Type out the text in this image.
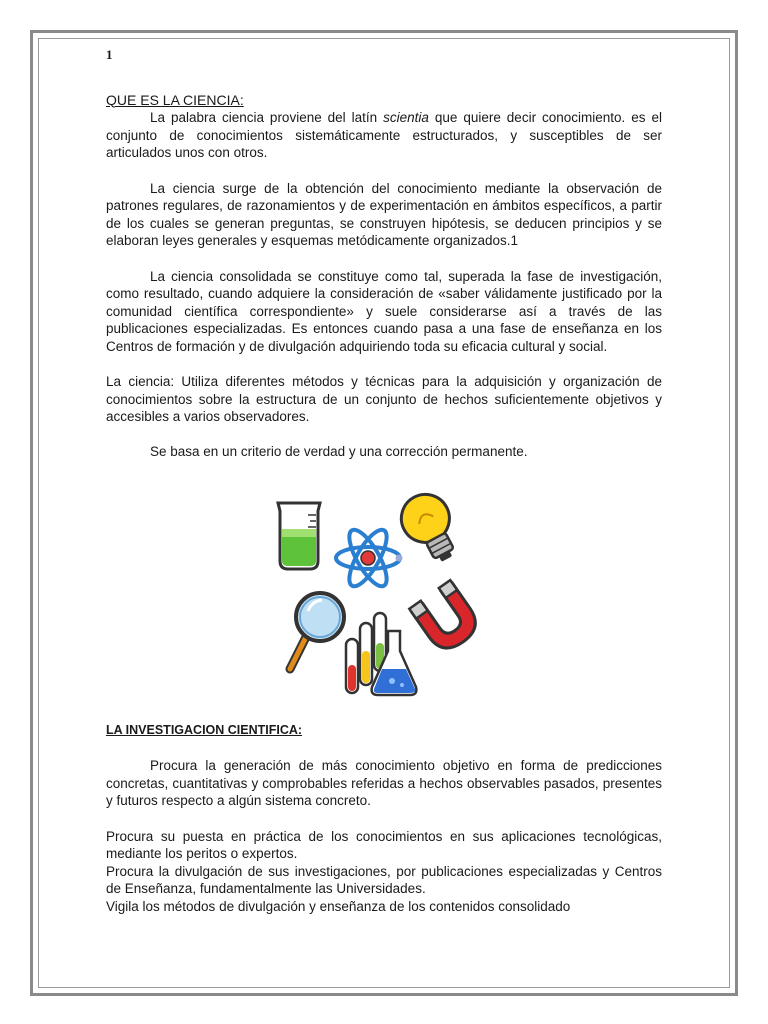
1

QUE ES LA CIENCIA:

La palabra ciencia proviene del latín scientia que quiere decir conocimiento. es el conjunto de conocimientos sistemáticamente estructurados, y susceptibles de ser articulados unos con otros.

La ciencia surge de la obtención del conocimiento mediante la observación de patrones regulares, de razonamientos y de experimentación en ámbitos específicos, a partir de los cuales se generan preguntas, se construyen hipótesis, se deducen principios y se elaboran leyes generales y esquemas metódicamente organizados.1

La ciencia consolidada se constituye como tal, superada la fase de investigación, como resultado, cuando adquiere la consideración de «saber válidamente justificado por la comunidad científica correspondiente» y suele considerarse así a través de las publicaciones especializadas. Es entonces cuando pasa a una fase de enseñanza en los Centros de formación y de divulgación adquiriendo toda su eficacia cultural y social.

La ciencia: Utiliza diferentes métodos y técnicas para la adquisición y organización de conocimientos sobre la estructura de un conjunto de hechos suficientemente objetivos y accesibles a varios observadores.

Se basa en un criterio de verdad y una corrección permanente.

LA INVESTIGACION CIENTIFICA:

Procura la generación de más conocimiento objetivo en forma de predicciones concretas, cuantitativas y comprobables referidas a hechos observables pasados, presentes y futuros respecto a algún sistema concreto.

Procura su puesta en práctica de los conocimientos en sus aplicaciones tecnológicas, mediante los peritos o expertos.

Procura la divulgación de sus investigaciones, por publicaciones especializadas y Centros de Enseñanza, fundamentalmente las Universidades.

Vigila los métodos de divulgación y enseñanza de los contenidos consolidado
